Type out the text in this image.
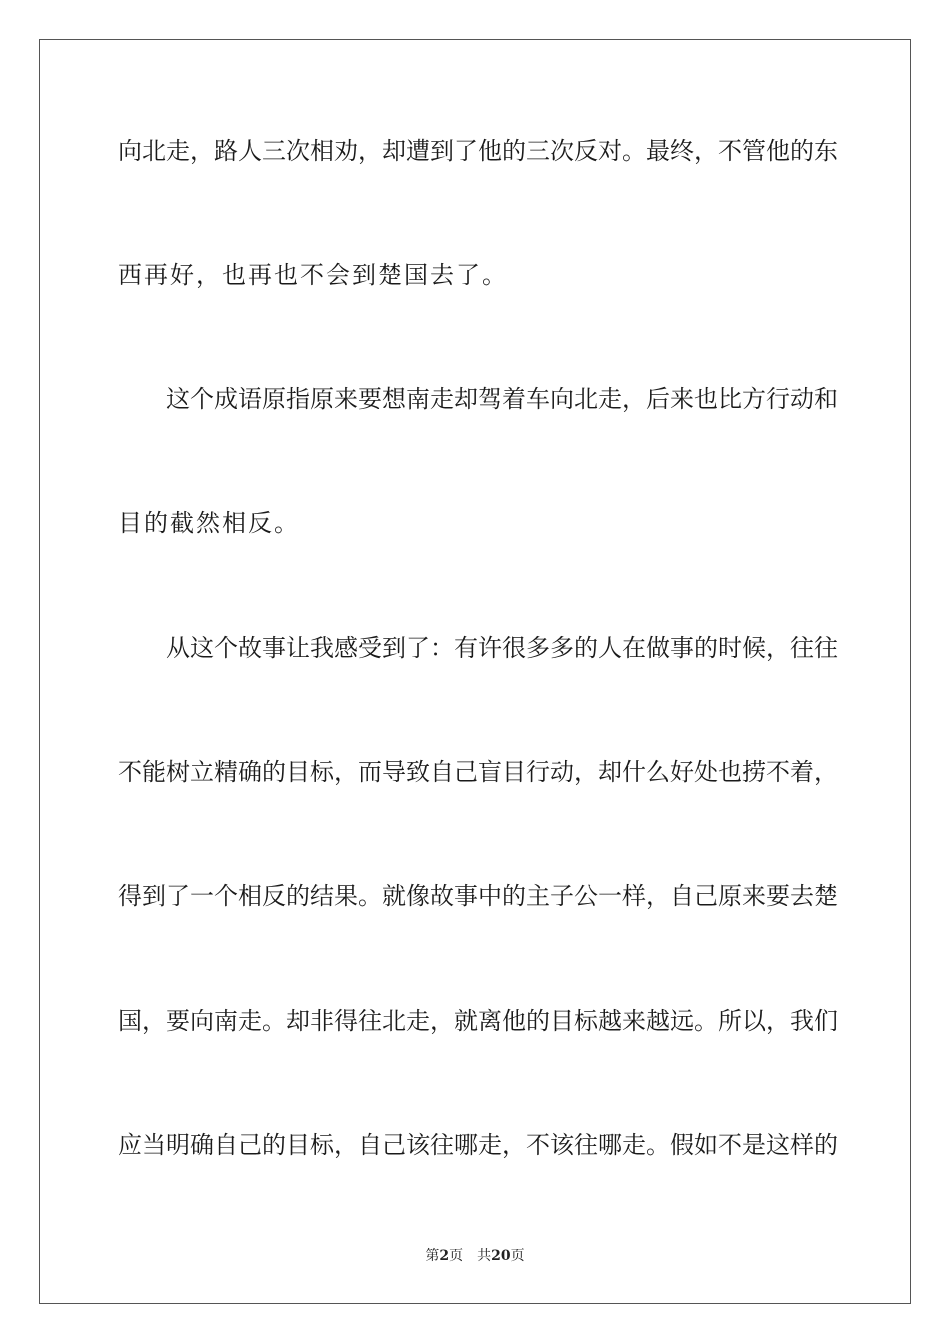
向北走，路人三次相劝，却遭到了他的三次反对。最终，不管他的东
西再好，也再也不会到楚国去了。
这个成语原指原来要想南走却驾着车向北走，后来也比方行动和
目的截然相反。
从这个故事让我感受到了：有许很多多的人在做事的时候，往往
不能树立精确的目标，而导致自己盲目行动，却什么好处也捞不着，
得到了一个相反的结果。就像故事中的主子公一样，自己原来要去楚
国，要向南走。却非得往北走，就离他的目标越来越远。所以，我们
应当明确自己的目标，自己该往哪走，不该往哪走。假如不是这样的
第2页 共20页
